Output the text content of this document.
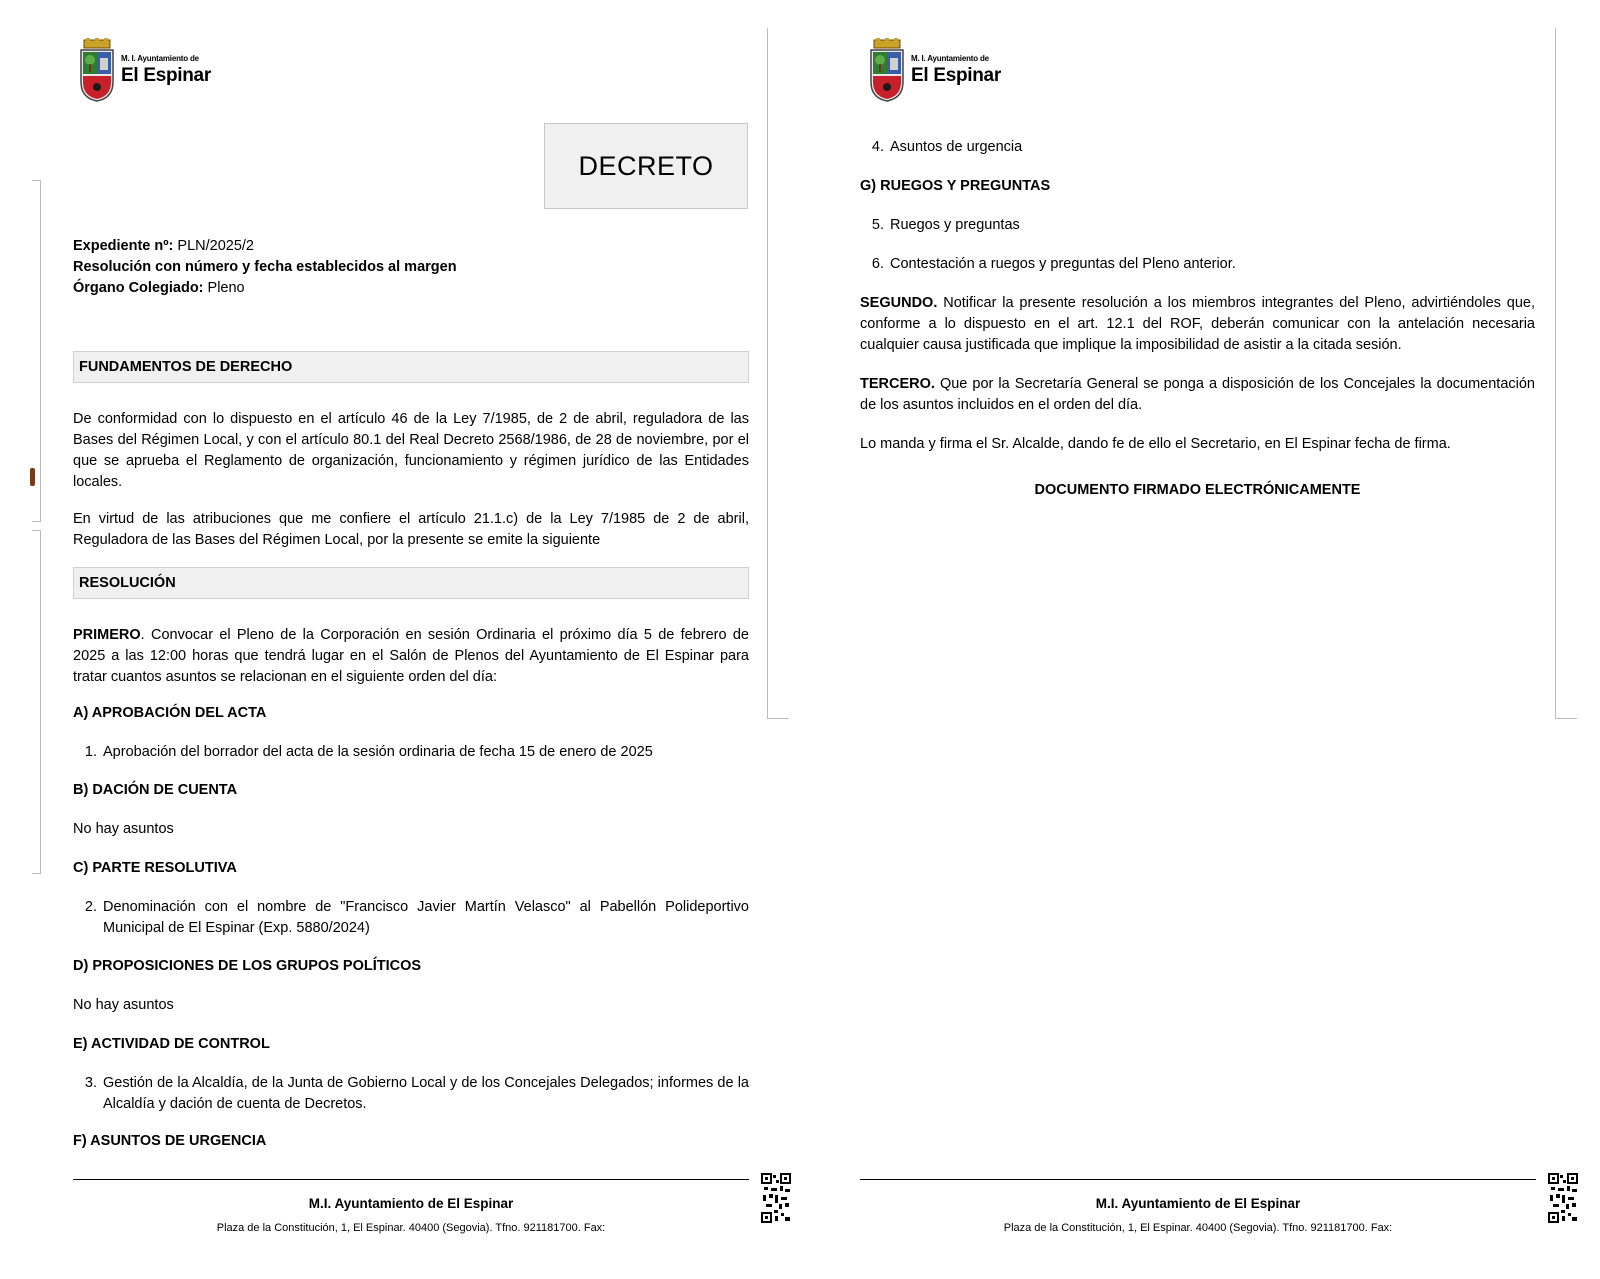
M. I. Ayuntamiento de
El Espinar
DECRETO
Expediente nº: PLN/2025/2
Resolución con número y fecha establecidos al margen
Órgano Colegiado: Pleno
FUNDAMENTOS DE DERECHO
De conformidad con lo dispuesto en el artículo 46 de la Ley 7/1985, de 2 de abril, reguladora de las Bases del Régimen Local, y con el artículo 80.1 del Real Decreto 2568/1986, de 28 de noviembre, por el que se aprueba el Reglamento de organización, funcionamiento y régimen jurídico de las Entidades locales.
En virtud de las atribuciones que me confiere el artículo 21.1.c) de la Ley 7/1985 de 2 de abril, Reguladora de las Bases del Régimen Local, por la presente se emite la siguiente
RESOLUCIÓN
PRIMERO. Convocar el Pleno de la Corporación en sesión Ordinaria el próximo día 5 de febrero de 2025 a las 12:00 horas que tendrá lugar en el Salón de Plenos del Ayuntamiento de El Espinar para tratar cuantos asuntos se relacionan en el siguiente orden del día:
A) APROBACIÓN DEL ACTA
1. Aprobación del borrador del acta de la sesión ordinaria de fecha 15 de enero de 2025
B) DACIÓN DE CUENTA
No hay asuntos
C) PARTE RESOLUTIVA
2. Denominación con el nombre de "Francisco Javier Martín Velasco" al Pabellón Polideportivo Municipal de El Espinar (Exp. 5880/2024)
D) PROPOSICIONES DE LOS GRUPOS POLÍTICOS
No hay asuntos
E) ACTIVIDAD DE CONTROL
3. Gestión de la Alcaldía, de la Junta de Gobierno Local y de los Concejales Delegados; informes de la Alcaldía y dación de cuenta de Decretos.
F) ASUNTOS DE URGENCIA
M.I. Ayuntamiento de El Espinar
Plaza de la Constitución, 1, El Espinar. 40400 (Segovia). Tfno. 921181700. Fax:
M. I. Ayuntamiento de
El Espinar
4. Asuntos de urgencia
G) RUEGOS Y PREGUNTAS
5. Ruegos y preguntas
6. Contestación a ruegos y preguntas del Pleno anterior.
SEGUNDO. Notificar la presente resolución a los miembros integrantes del Pleno, advirtiéndoles que, conforme a lo dispuesto en el art. 12.1 del ROF, deberán comunicar con la antelación necesaria cualquier causa justificada que implique la imposibilidad de asistir a la citada sesión.
TERCERO. Que por la Secretaría General se ponga a disposición de los Concejales la documentación de los asuntos incluidos en el orden del día.
Lo manda y firma el Sr. Alcalde, dando fe de ello el Secretario, en El Espinar fecha de firma.
DOCUMENTO FIRMADO ELECTRÓNICAMENTE
M.I. Ayuntamiento de El Espinar
Plaza de la Constitución, 1, El Espinar. 40400 (Segovia). Tfno. 921181700. Fax:
